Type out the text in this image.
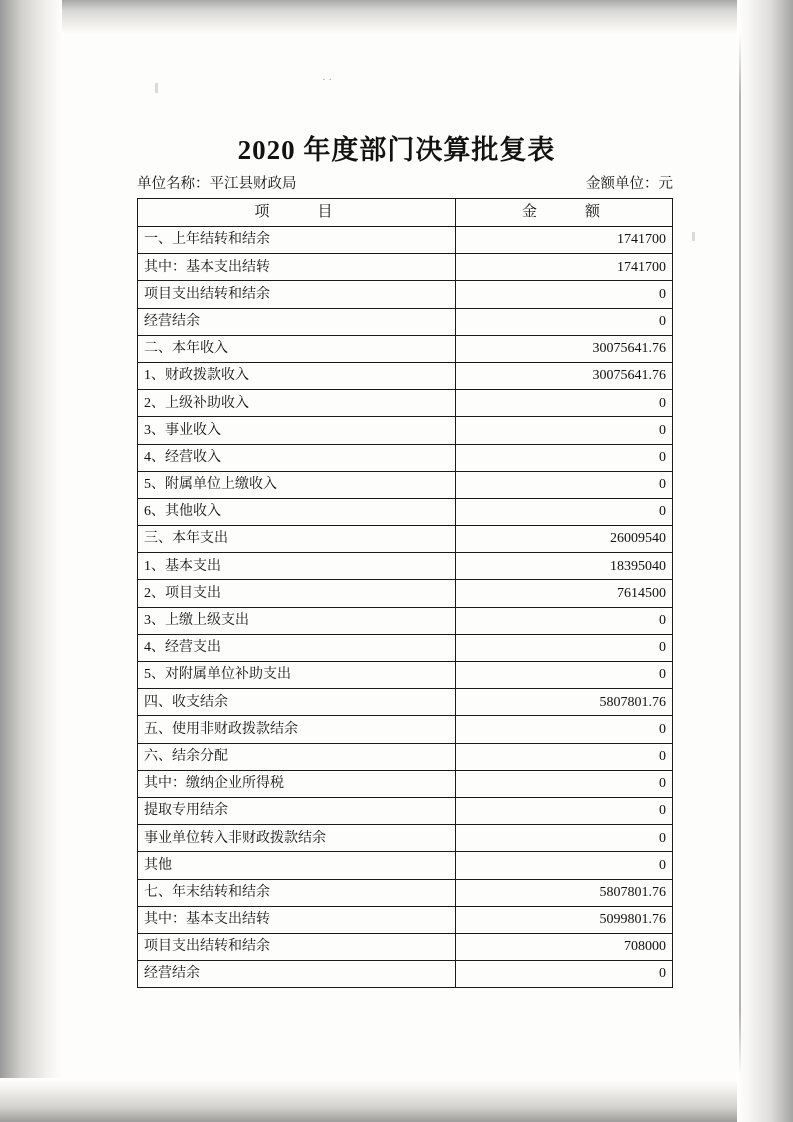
· ·
2020 年度部门决算批复表
单位名称：平江县财政局	金额单位：元
项　　目	金　　额
一、上年结转和结余	1741700
其中：基本支出结转	1741700
项目支出结转和结余	0
经营结余	0
二、本年收入	30075641.76
1、财政拨款收入	30075641.76
2、上级补助收入	0
3、事业收入	0
4、经营收入	0
5、附属单位上缴收入	0
6、其他收入	0
三、本年支出	26009540
1、基本支出	18395040
2、项目支出	7614500
3、上缴上级支出	0
4、经营支出	0
5、对附属单位补助支出	0
四、收支结余	5807801.76
五、使用非财政拨款结余	0
六、结余分配	0
其中：缴纳企业所得税	0
提取专用结余	0
事业单位转入非财政拨款结余	0
其他	0
七、年末结转和结余	5807801.76
其中：基本支出结转	5099801.76
项目支出结转和结余	708000
经营结余	0
